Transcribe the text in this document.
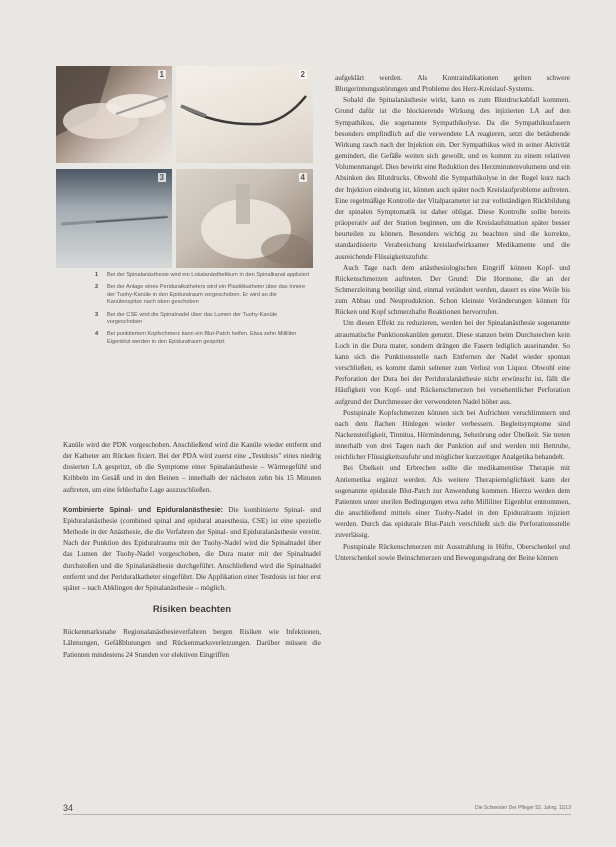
1	2
3	4
1 Bei der Spinalanästhesie wird ein Lokalanästhetikum in den Spinalkanal appliziert
2 Bei der Anlage eines Periduralkatheters wird ein Plastikkatheter über das Innere der Tuohy-Kanüle in den Epiduralraum vorgeschoben. Er wird an die Kanülenspitze nach oben geschoben
3 Bei der CSE wird die Spinalnadel über das Lumen der Tuohy-Kanüle vorgeschoben
4 Bei punktiertem Kopfschmerz kann ein Blut-Patch helfen. Etwa zehn Milliliter Eigenblut werden in den Epiduralraum gespritzt

Kanüle wird der PDK vorgeschoben. Anschließend wird die Kanüle wieder entfernt und der Katheter am Rücken fixiert. Bei der PDA wird zuerst eine „Testdosis" eines niedrig dosierten LA gespritzt, ob die Symptome einer Spinalanästhesie – Wärmegefühl und Kribbeln im Gesäß und in den Beinen – innerhalb der nächsten zehn bis 15 Minuten auftreten, um eine fehlerhafte Lage auszuschließen.

Kombinierte Spinal- und Epiduralanästhesie: Die kombinierte Spinal- und Epiduralanästhesie (combined spinal and epidural anaesthesia, CSE) ist eine spezielle Methode in der Anästhesie, die die Verfahren der Spinal- und Epiduralanästhesie vereint. Nach der Punktion des Epiduralraums mit der Tuohy-Nadel wird die Spinalnadel über das Lumen der Tuohy-Nadel vorgeschoben, die Dura mater mit der Spinalnadel durchstoßen und die Spinalanästhesie durchgeführt. Anschließend wird die Spinalnadel entfernt und der Periduralkatheter eingeführt. Die Applikation einer Testdosis ist hier erst später – nach Abklingen der Spinalanästhesie – möglich.

Risiken beachten

Rückenmarksnahe Regionalanästhesieverfahren bergen Risiken wie Infektionen, Lähmungen, Gefäßblutungen und Rückenmarksverletzungen. Darüber müssen die Patienten mindestens 24 Stunden vor elektiven Eingriffen

aufgeklärt werden. Als Kontraindikationen gelten schwere Blutgerinnungsstörungen und Probleme des Herz-Kreislauf-Systems.

Sobald die Spinalanästhesie wirkt, kann es zum Blutdruckabfall kommen. Grund dafür ist die blockierende Wirkung des injizierten LA auf den Sympathikus, die sogenannte Sympathikolyse. Da die Sympathikusfasern besonders empfindlich auf die verwendete LA reagieren, setzt die betäubende Wirkung rasch nach der Injektion ein. Der Sympathikus wird in seiner Aktivität gemindert, die Gefäße weiten sich gewollt, und es kommt zu einem relativen Volumenmangel. Dies bewirkt eine Reduktion des Herzminutenvolumens und ein Absinken des Blutdrucks. Obwohl die Sympathikolyse in der Regel kurz nach der Injektion eindeutig ist, können auch später noch Kreislaufprobleme auftreten. Eine regelmäßige Kontrolle der Vitalparameter ist zur vollständigen Rückbildung der spinalen Symptomatik ist daher obligat. Diese Kontrolle sollte bereits präoperativ auf der Station beginnen, um die Kreislaufsituation später besser beurteilen zu können. Besonders wichtig zu beachten sind die korrekte, standardisierte Verabreichung kreislaufwirksamer Medikamente und die ausreichende Flüssigkeitszufuhr.

Auch Tage nach dem anästhesiologischen Eingriff können Kopf- und Rückenschmerzen auftreten. Der Grund: Die Hormone, die an der Schmerzleitung beteiligt sind, einmal verändert werden, dauert es eine Weile bis zum Abbau und Neuproduktion. Schon kleinste Veränderungen können für Rücken und Kopf schmerzhafte Reaktionen hervorrufen.

Um diesen Effekt zu reduzieren, werden bei der Spinalanästhesie sogenannte atraumatische Punktionskanülen genutzt. Diese stanzen beim Durchstechen kein Loch in die Dura mater, sondern drängen die Fasern lediglich auseinander. So kann sich die Punktionsstelle nach Entfernen der Nadel wieder spontan verschließen, es kommt damit seltener zum Verlust von Liquor. Obwohl eine Perforation der Dura bei der Periduralanästhesie nicht erwünscht ist, fällt die Häufigkeit von Kopf- und Rückenschmerzen bei versehentlicher Perforation aufgrund der Durchmesser der verwendeten Nadel höher aus.

Postspinale Kopfschmerzen können sich bei Aufrichten verschlimmern und nach dem flachen Hinlegen wieder verbessern. Begleitsymptome sind Nackensteifigkeit, Tinnitus, Hörminderung, Sehstörung oder Übelkeit. Sie treten innerhalb von drei Tagen nach der Punktion auf und werden mit Bettruhe, reichlicher Flüssigkeitszufuhr und möglicher kurzzeitiger Analgetika behandelt.

Bei Übelkeit und Erbrechen sollte die medikamentöse Therapie mit Antiemetika ergänzt werden. Als weitere Therapiemöglichkeit kann der sogenannte epidurale Blut-Patch zur Anwendung kommen. Hierzu werden dem Patienten unter sterilen Bedingungen etwa zehn Milliliter Eigenblut entnommen, die anschließend mittels einer Tuohy-Nadel in den Epiduralraum injiziert werden. Durch das epidurale Blut-Patch verschließt sich die Perforationsstelle zuverlässig.

Postspinale Rückenschmerzen mit Ausstrahlung in Hüfte, Oberschenkel und Unterschenkel sowie Beinschmerzen und Bewegungsdrang der Beine können

34	Die Schwester Der Pfleger 52. Jahrg. 11|13
